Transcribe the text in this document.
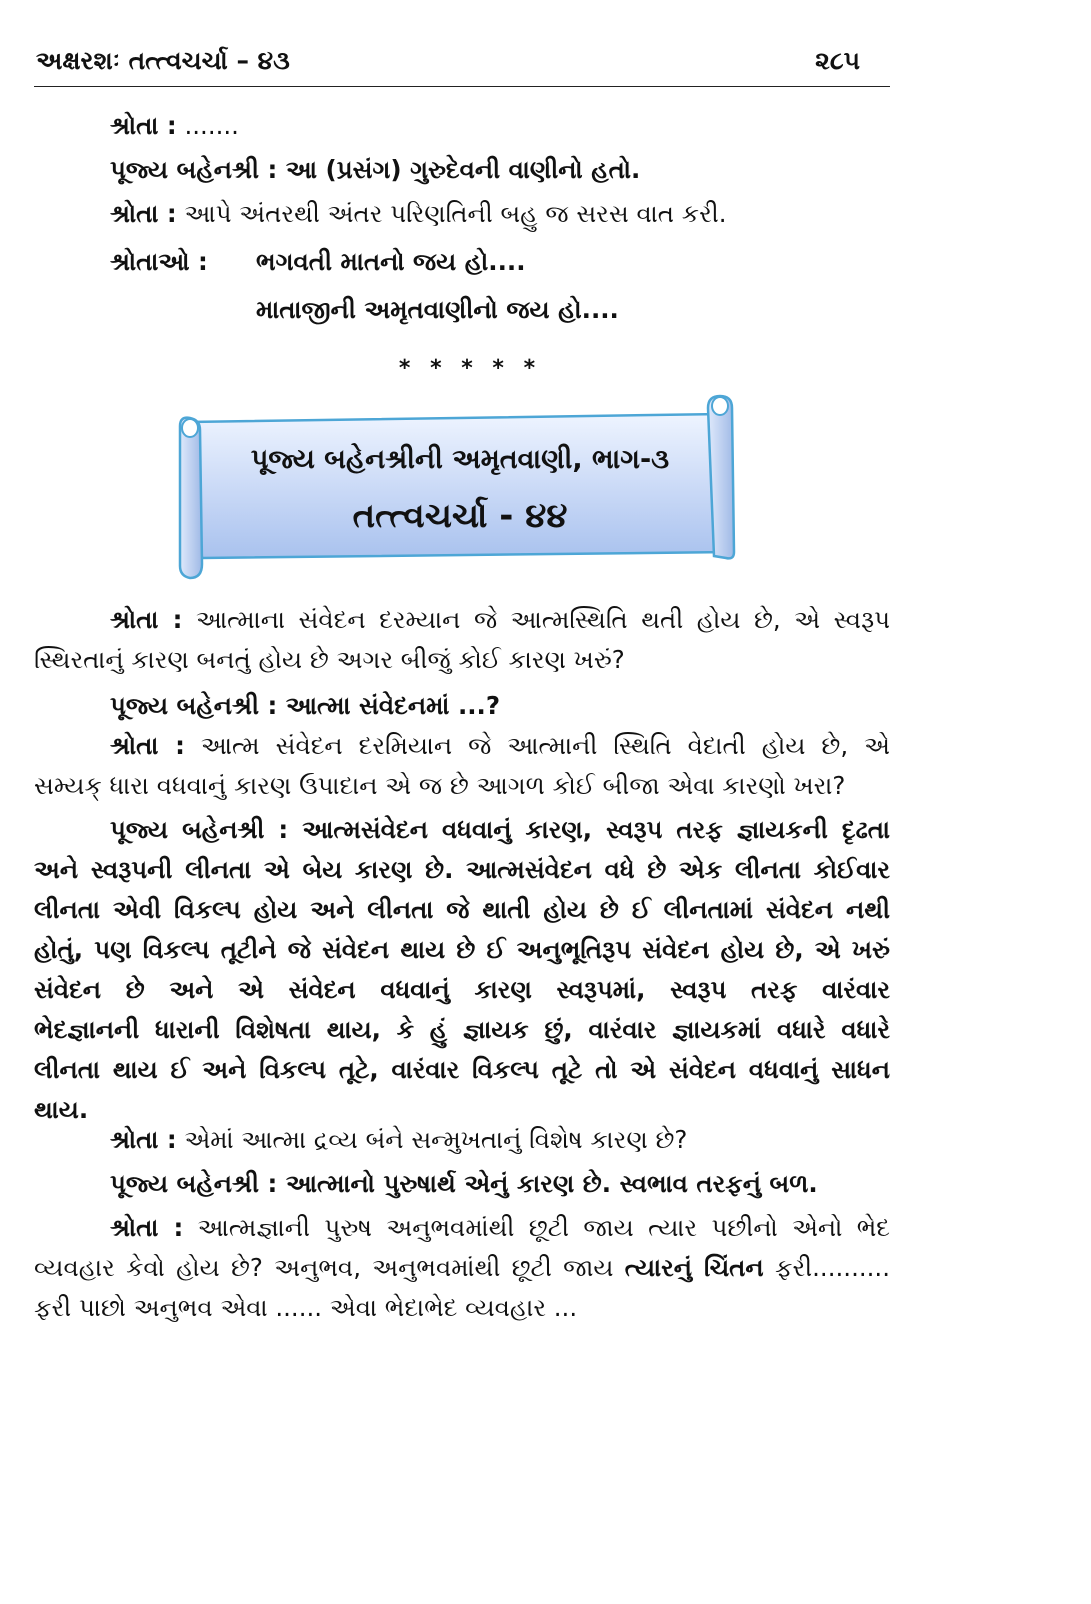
અક્ષરશઃ તત્ત્વચર્ચા – ૪૩	૨૮૫
શ્રોતા : .......
પૂજ્ય બહેનશ્રી : આ (પ્રસંગ) ગુરુદેવની વાણીનો હતો.
શ્રોતા : આપે અંતરથી અંતર પરિણતિની બહુ જ સરસ વાત કરી.
શ્રોતાઓ : ભગવતી માતનો જય હો....
માતાજીની અમૃતવાણીનો જય હો....
* * * * *
પૂજ્ય બહેનશ્રીની અમૃતવાણી, ભાગ-૩
તત્ત્વચર્ચા - ૪૪
શ્રોતા : આત્માના સંવેદન દરમ્યાન જે આત્મસ્થિતિ થતી હોય છે, એ સ્વરૂપ
સ્થિરતાનું કારણ બનતું હોય છે અગર બીજું કોઈ કારણ ખરું?
પૂજ્ય બહેનશ્રી : આત્મા સંવેદનમાં ...?
શ્રોતા : આત્મ સંવેદન દરમિયાન જે આત્માની સ્થિતિ વેદાતી હોય છે, એ
સમ્યક્ ધારા વધવાનું કારણ ઉપાદાન એ જ છે આગળ કોઈ બીજા એવા કારણો ખરા?
પૂજ્ય બહેનશ્રી : આત્મસંવેદન વધવાનું કારણ, સ્વરૂપ તરફ જ્ઞાયકની દૃઢતા
અને સ્વરૂપની લીનતા એ બેય કારણ છે. આત્મસંવેદન વધે છે એક લીનતા કોઈવાર
લીનતા એવી વિકલ્પ હોય અને લીનતા જે થાતી હોય છે ઈ લીનતામાં સંવેદન નથી
હોતું, પણ વિકલ્પ તૂટીને જે સંવેદન થાય છે ઈ અનુભૂતિરૂપ સંવેદન હોય છે, એ ખરું
સંવેદન છે અને એ સંવેદન વધવાનું કારણ સ્વરૂપમાં, સ્વરૂપ તરફ વારંવાર
ભેદજ્ઞાનની ધારાની વિશેષતા થાય, કે હું જ્ઞાયક છું, વારંવાર જ્ઞાયકમાં વધારે વધારે
લીનતા થાય ઈ અને વિકલ્પ તૂટે, વારંવાર વિકલ્પ તૂટે તો એ સંવેદન વધવાનું સાધન
થાય.
શ્રોતા : એમાં આત્મા દ્રવ્ય બંને સન્મુખતાનું વિશેષ કારણ છે?
પૂજ્ય બહેનશ્રી : આત્માનો પુરુષાર્થ એનું કારણ છે. સ્વભાવ તરફનું બળ.
શ્રોતા : આત્મજ્ઞાની પુરુષ અનુભવમાંથી છૂટી જાય ત્યાર પછીનો એનો ભેદ
વ્યવહાર કેવો હોય છે? અનુભવ, અનુભવમાંથી છૂટી જાય ત્યારનું ચિંતન ફરી..........
ફરી પાછો અનુભવ એવા ...... એવા ભેદાભેદ વ્યવહાર ...
